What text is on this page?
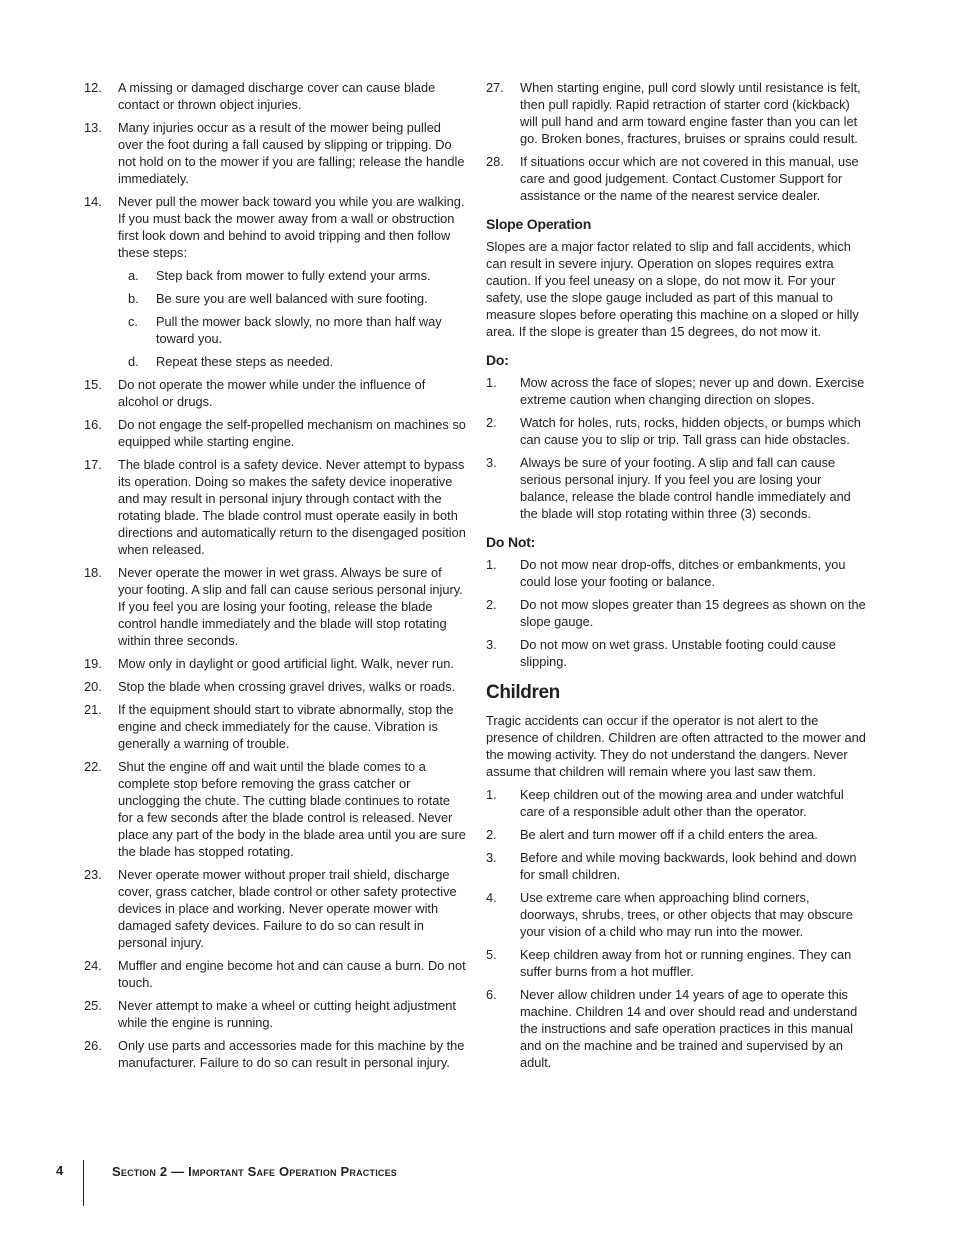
12. A missing or damaged discharge cover can cause blade contact or thrown object injuries.
13. Many injuries occur as a result of the mower being pulled over the foot during a fall caused by slipping or tripping. Do not hold on to the mower if you are falling; release the handle immediately.
14. Never pull the mower back toward you while you are walking. If you must back the mower away from a wall or obstruction first look down and behind to avoid tripping and then follow these steps:
a. Step back from mower to fully extend your arms.
b. Be sure you are well balanced with sure footing.
c. Pull the mower back slowly, no more than half way toward you.
d. Repeat these steps as needed.
15. Do not operate the mower while under the influence of alcohol or drugs.
16. Do not engage the self-propelled mechanism on machines so equipped while starting engine.
17. The blade control is a safety device. Never attempt to bypass its operation. Doing so makes the safety device inoperative and may result in personal injury through contact with the rotating blade. The blade control must operate easily in both directions and automatically return to the disengaged position when released.
18. Never operate the mower in wet grass. Always be sure of your footing. A slip and fall can cause serious personal injury. If you feel you are losing your footing, release the blade control handle immediately and the blade will stop rotating within three seconds.
19. Mow only in daylight or good artificial light. Walk, never run.
20. Stop the blade when crossing gravel drives, walks or roads.
21. If the equipment should start to vibrate abnormally, stop the engine and check immediately for the cause. Vibration is generally a warning of trouble.
22. Shut the engine off and wait until the blade comes to a complete stop before removing the grass catcher or unclogging the chute. The cutting blade continues to rotate for a few seconds after the blade control is released. Never place any part of the body in the blade area until you are sure the blade has stopped rotating.
23. Never operate mower without proper trail shield, discharge cover, grass catcher, blade control or other safety protective devices in place and working. Never operate mower with damaged safety devices. Failure to do so can result in personal injury.
24. Muffler and engine become hot and can cause a burn. Do not touch.
25. Never attempt to make a wheel or cutting height adjustment while the engine is running.
26. Only use parts and accessories made for this machine by the manufacturer. Failure to do so can result in personal injury.
27. When starting engine, pull cord slowly until resistance is felt, then pull rapidly. Rapid retraction of starter cord (kickback) will pull hand and arm toward engine faster than you can let go. Broken bones, fractures, bruises or sprains could result.
28. If situations occur which are not covered in this manual, use care and good judgement. Contact Customer Support for assistance or the name of the nearest service dealer.
Slope Operation

Slopes are a major factor related to slip and fall accidents, which can result in severe injury. Operation on slopes requires extra caution. If you feel uneasy on a slope, do not mow it. For your safety, use the slope gauge included as part of this manual to measure slopes before operating this machine on a sloped or hilly area. If the slope is greater than 15 degrees, do not mow it.

Do:
1. Mow across the face of slopes; never up and down. Exercise extreme caution when changing direction on slopes.
2. Watch for holes, ruts, rocks, hidden objects, or bumps which can cause you to slip or trip. Tall grass can hide obstacles.
3. Always be sure of your footing. A slip and fall can cause serious personal injury. If you feel you are losing your balance, release the blade control handle immediately and the blade will stop rotating within three (3) seconds.
Do Not:
1. Do not mow near drop-offs, ditches or embankments, you could lose your footing or balance.
2. Do not mow slopes greater than 15 degrees as shown on the slope gauge.
3. Do not mow on wet grass. Unstable footing could cause slipping.
Children

Tragic accidents can occur if the operator is not alert to the presence of children. Children are often attracted to the mower and the mowing activity. They do not understand the dangers. Never assume that children will remain where you last saw them.

1. Keep children out of the mowing area and under watchful care of a responsible adult other than the operator.
2. Be alert and turn mower off if a child enters the area.
3. Before and while moving backwards, look behind and down for small children.
4. Use extreme care when approaching blind corners, doorways, shrubs, trees, or other objects that may obscure your vision of a child who may run into the mower.
5. Keep children away from hot or running engines. They can suffer burns from a hot muffler.
6. Never allow children under 14 years of age to operate this machine. Children 14 and over should read and understand the instructions and safe operation practices in this manual and on the machine and be trained and supervised by an adult.
4	Section 2 — Important Safe Operation Practices
